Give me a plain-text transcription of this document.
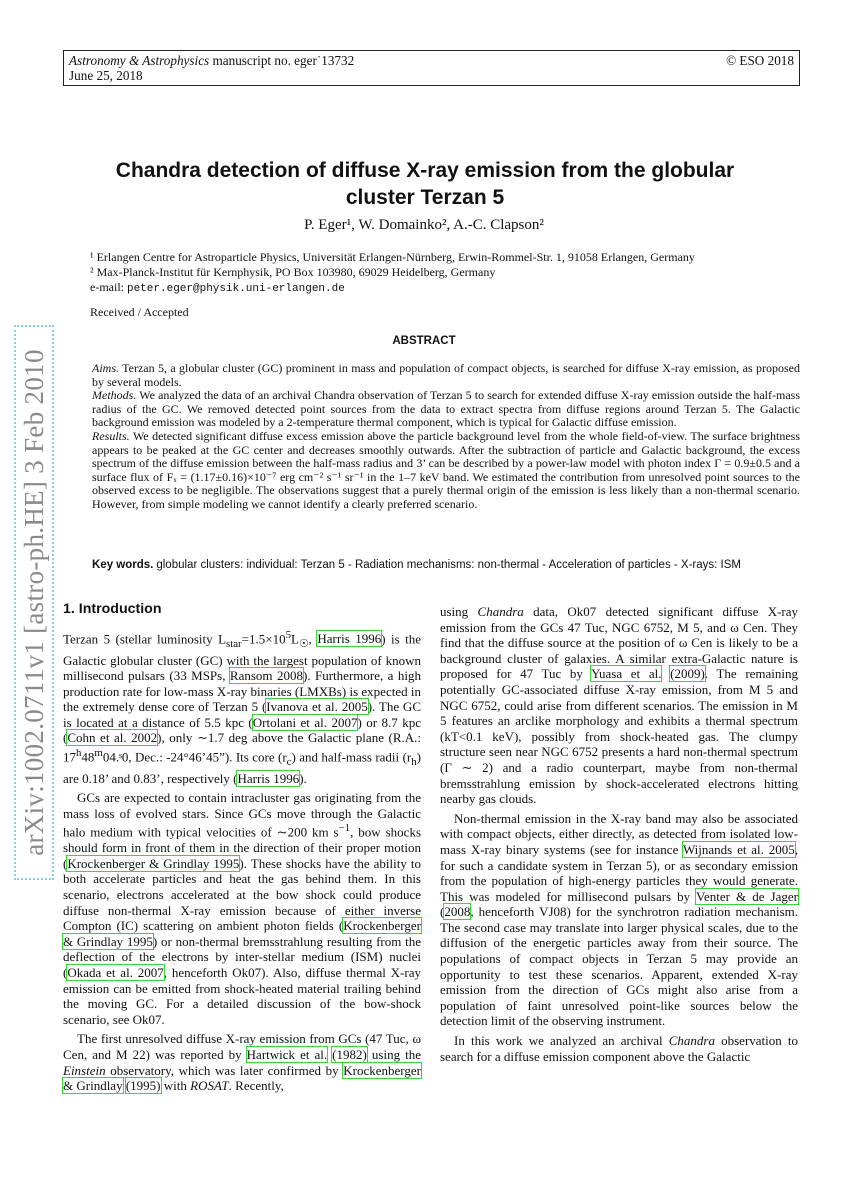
Astronomy & Astrophysics manuscript no. eger˙13732
June 25, 2018
© ESO 2018
arXiv:1002.0711v1 [astro-ph.HE] 3 Feb 2010
Chandra detection of diffuse X-ray emission from the globular cluster Terzan 5
P. Eger¹, W. Domainko², A.-C. Clapson²
¹ Erlangen Centre for Astroparticle Physics, Universität Erlangen-Nürnberg, Erwin-Rommel-Str. 1, 91058 Erlangen, Germany
² Max-Planck-Institut für Kernphysik, PO Box 103980, 69029 Heidelberg, Germany
e-mail: peter.eger@physik.uni-erlangen.de
Received / Accepted
ABSTRACT

Aims. Terzan 5, a globular cluster (GC) prominent in mass and population of compact objects, is searched for diffuse X-ray emission, as proposed by several models.

Methods. We analyzed the data of an archival Chandra observation of Terzan 5 to search for extended diffuse X-ray emission outside the half-mass radius of the GC. We removed detected point sources from the data to extract spectra from diffuse regions around Terzan 5. The Galactic background emission was modeled by a 2-temperature thermal component, which is typical for Galactic diffuse emission.

Results. We detected significant diffuse excess emission above the particle background level from the whole field-of-view. The surface brightness appears to be peaked at the GC center and decreases smoothly outwards. After the subtraction of particle and Galactic background, the excess spectrum of the diffuse emission between the half-mass radius and 3’ can be described by a power-law model with photon index Γ = 0.9±0.5 and a surface flux of Fₓ = (1.17±0.16)×10⁻⁷ erg cm⁻² s⁻¹ sr⁻¹ in the 1–7 keV band. We estimated the contribution from unresolved point sources to the observed excess to be negligible. The observations suggest that a purely thermal origin of the emission is less likely than a non-thermal scenario. However, from simple modeling we cannot identify a clearly preferred scenario.

Key words. globular clusters: individual: Terzan 5 - Radiation mechanisms: non-thermal - Acceleration of particles - X-rays: ISM
1. Introduction

Terzan 5 (stellar luminosity $L_{star}=1.5\times 10^5L_☉$, Harris 1996) is the Galactic globular cluster (GC) with the largest population of known millisecond pulsars (33 MSPs, Ransom 2008). Furthermore, a high production rate for low-mass X-ray binaries (LMXBs) is expected in the extremely dense core of Terzan 5 (Ivanova et al. 2005). The GC is located at a distance of 5.5 kpc (Ortolani et al. 2007) or 8.7 kpc (Cohn et al. 2002), only ∼1.7 deg above the Galactic plane (R.A.: 17$^h$48$^m$04.ˢ0, Dec.: -24°46’45”). Its core $(r_c)$ and half-mass radii $(r_h)$ are 0.18’ and 0.83’, respectively (Harris 1996).

GCs are expected to contain intracluster gas originating from the mass loss of evolved stars. Since GCs move through the Galactic halo medium with typical velocities of ∼200 km $s^{-1}$, bow shocks should form in front of them in the direction of their proper motion (Krockenberger & Grindlay 1995). These shocks have the ability to both accelerate particles and heat the gas behind them. In this scenario, electrons accelerated at the bow shock could produce diffuse non-thermal X-ray emission because of either inverse Compton (IC) scattering on ambient photon fields (Krockenberger & Grindlay 1995) or non-thermal bremsstrahlung resulting from the deflection of the electrons by inter-stellar medium (ISM) nuclei (Okada et al. 2007, henceforth Ok07). Also, diffuse thermal X-ray emission can be emitted from shock-heated material trailing behind the moving GC. For a detailed discussion of the bow-shock scenario, see Ok07.

The first unresolved diffuse X-ray emission from GCs (47 Tuc, ω Cen, and M 22) was reported by Hartwick et al. (1982) using the Einstein observatory, which was later confirmed by Krockenberger & Grindlay (1995) with ROSAT. Recently,

using Chandra data, Ok07 detected significant diffuse X-ray emission from the GCs 47 Tuc, NGC 6752, M 5, and ω Cen. They find that the diffuse source at the position of ω Cen is likely to be a background cluster of galaxies. A similar extra-Galactic nature is proposed for 47 Tuc by Yuasa et al. (2009). The remaining potentially GC-associated diffuse X-ray emission, from M 5 and NGC 6752, could arise from different scenarios. The emission in M 5 features an arclike morphology and exhibits a thermal spectrum (kT<0.1 keV), possibly from shock-heated gas. The clumpy structure seen near NGC 6752 presents a hard non-thermal spectrum (Γ ∼ 2) and a radio counterpart, maybe from non-thermal bremsstrahlung emission by shock-accelerated electrons hitting nearby gas clouds.

Non-thermal emission in the X-ray band may also be associated with compact objects, either directly, as detected from isolated low-mass X-ray binary systems (see for instance Wijnands et al. 2005, for such a candidate system in Terzan 5), or as secondary emission from the population of high-energy particles they would generate. This was modeled for millisecond pulsars by Venter & de Jager (2008, henceforth VJ08) for the synchrotron radiation mechanism. The second case may translate into larger physical scales, due to the diffusion of the energetic particles away from their source. The populations of compact objects in Terzan 5 may provide an opportunity to test these scenarios. Apparent, extended X-ray emission from the direction of GCs might also arise from a population of faint unresolved point-like sources below the detection limit of the observing instrument.

In this work we analyzed an archival Chandra observation to search for a diffuse emission component above the Galactic
